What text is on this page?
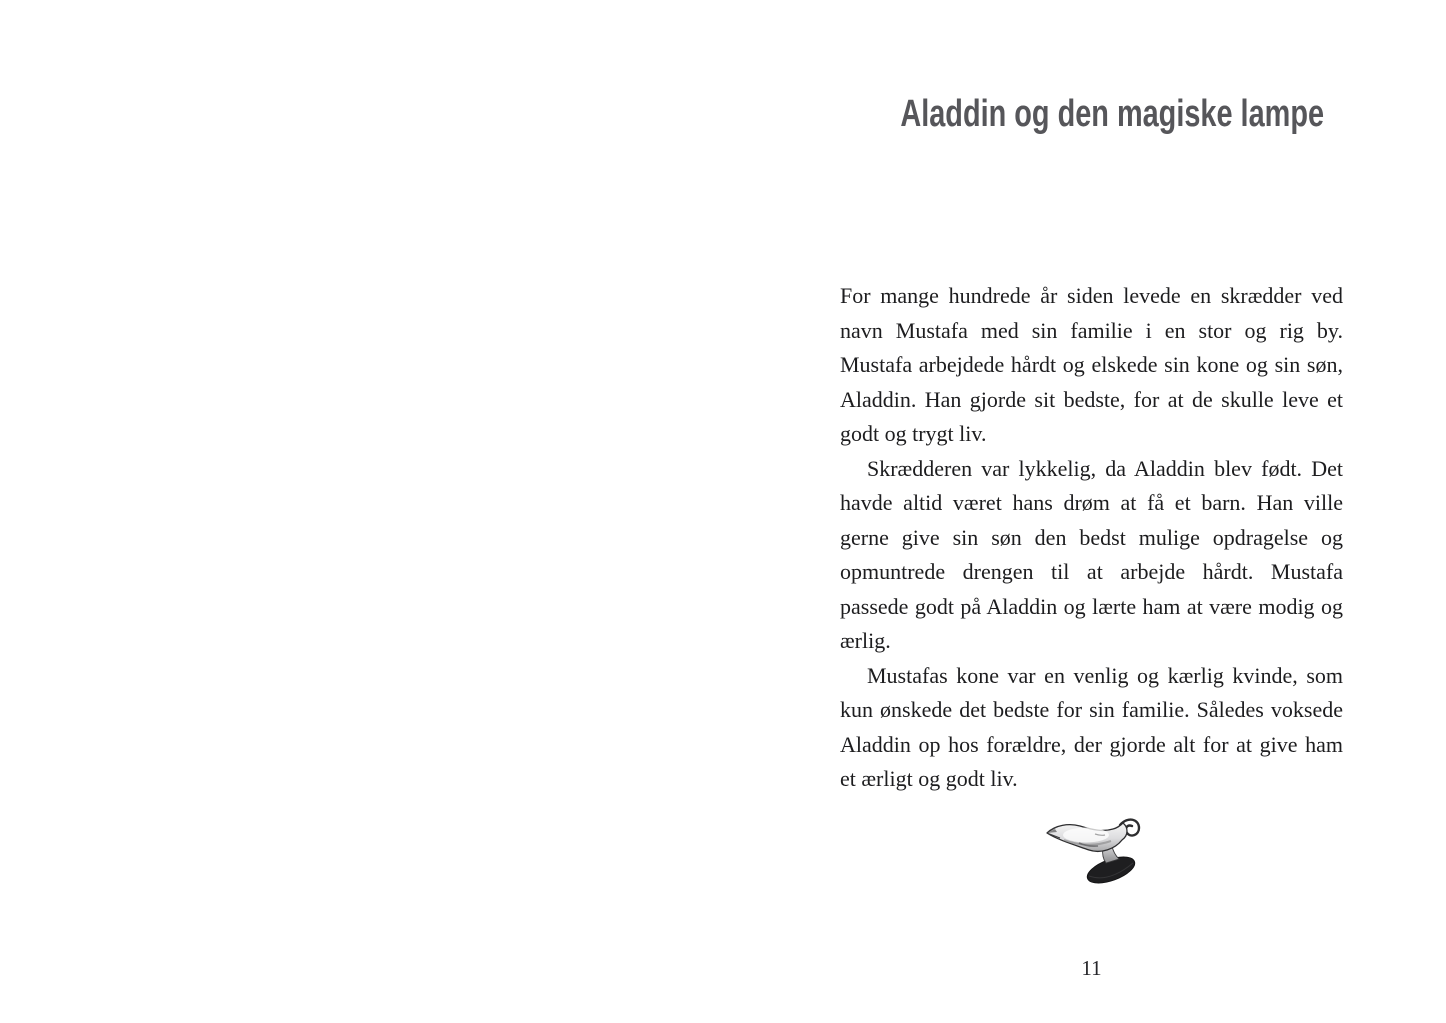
Aladdin og den magiske lampe

For mange hundrede år siden levede en skrædder ved navn Mustafa med sin familie i en stor og rig by. Mustafa arbejdede hårdt og elskede sin kone og sin søn, Aladdin. Han gjorde sit bedste, for at de skulle leve et godt og trygt liv.

Skrædderen var lykkelig, da Aladdin blev født. Det havde altid været hans drøm at få et barn. Han ville gerne give sin søn den bedst mulige opdragelse og opmuntrede drengen til at arbejde hårdt. Mustafa passede godt på Aladdin og lærte ham at være modig og ærlig.

Mustafas kone var en venlig og kærlig kvinde, som kun ønskede det bedste for sin familie. Således voksede Aladdin op hos forældre, der gjorde alt for at give ham et ærligt og godt liv.

11
